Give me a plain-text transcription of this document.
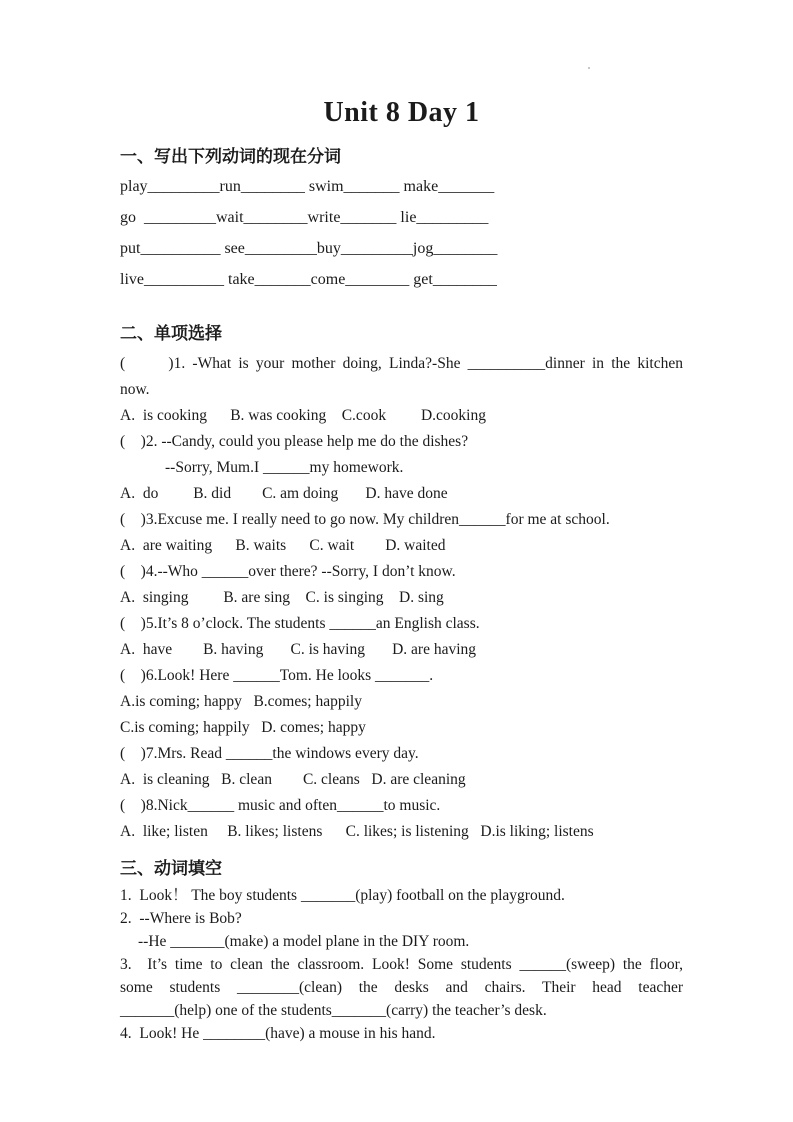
Unit 8 Day 1
一、写出下列动词的现在分词
play_________run________ swim_______ make_______
go  _________wait________write_______ lie_________
put__________ see_________buy_________jog________
live__________ take_______come________ get________
二、单项选择
(      )1. -What is your mother doing, Linda?-She __________dinner in the kitchen
now.
A.  is cooking      B. was cooking    C.cook         D.cooking
(    )2. --Candy, could you please help me do the dishes?
--Sorry, Mum.I ______my homework.
A.  do         B. did        C. am doing       D. have done
(    )3.Excuse me. I really need to go now. My children______for me at school.
A.  are waiting      B. waits      C. wait        D. waited
(    )4.--Who ______over there? --Sorry, I don’t know.
A.  singing         B. are sing    C. is singing    D. sing
(    )5.It’s 8 o’clock. The students ______an English class.
A.  have        B. having       C. is having       D. are having
(    )6.Look! Here ______Tom. He looks _______.
A.is coming; happy   B.comes; happily
C.is coming; happily   D. comes; happy
(    )7.Mrs. Read ______the windows every day.
A.  is cleaning   B. clean        C. cleans   D. are cleaning
(    )8.Nick______ music and often______to music.
A.  like; listen     B. likes; listens      C. likes; is listening   D.is liking; listens
三、动词填空
1.  Look！ The boy students _______(play) football on the playground.
2.  --Where is Bob?
--He _______(make) a model plane in the DIY room.
3.  It’s time to clean the classroom. Look! Some students ______(sweep) the floor,
some students ________(clean) the desks and chairs. Their head teacher
_______(help) one of the students_______(carry) the teacher’s desk.
4.  Look! He ________(have) a mouse in his hand.
